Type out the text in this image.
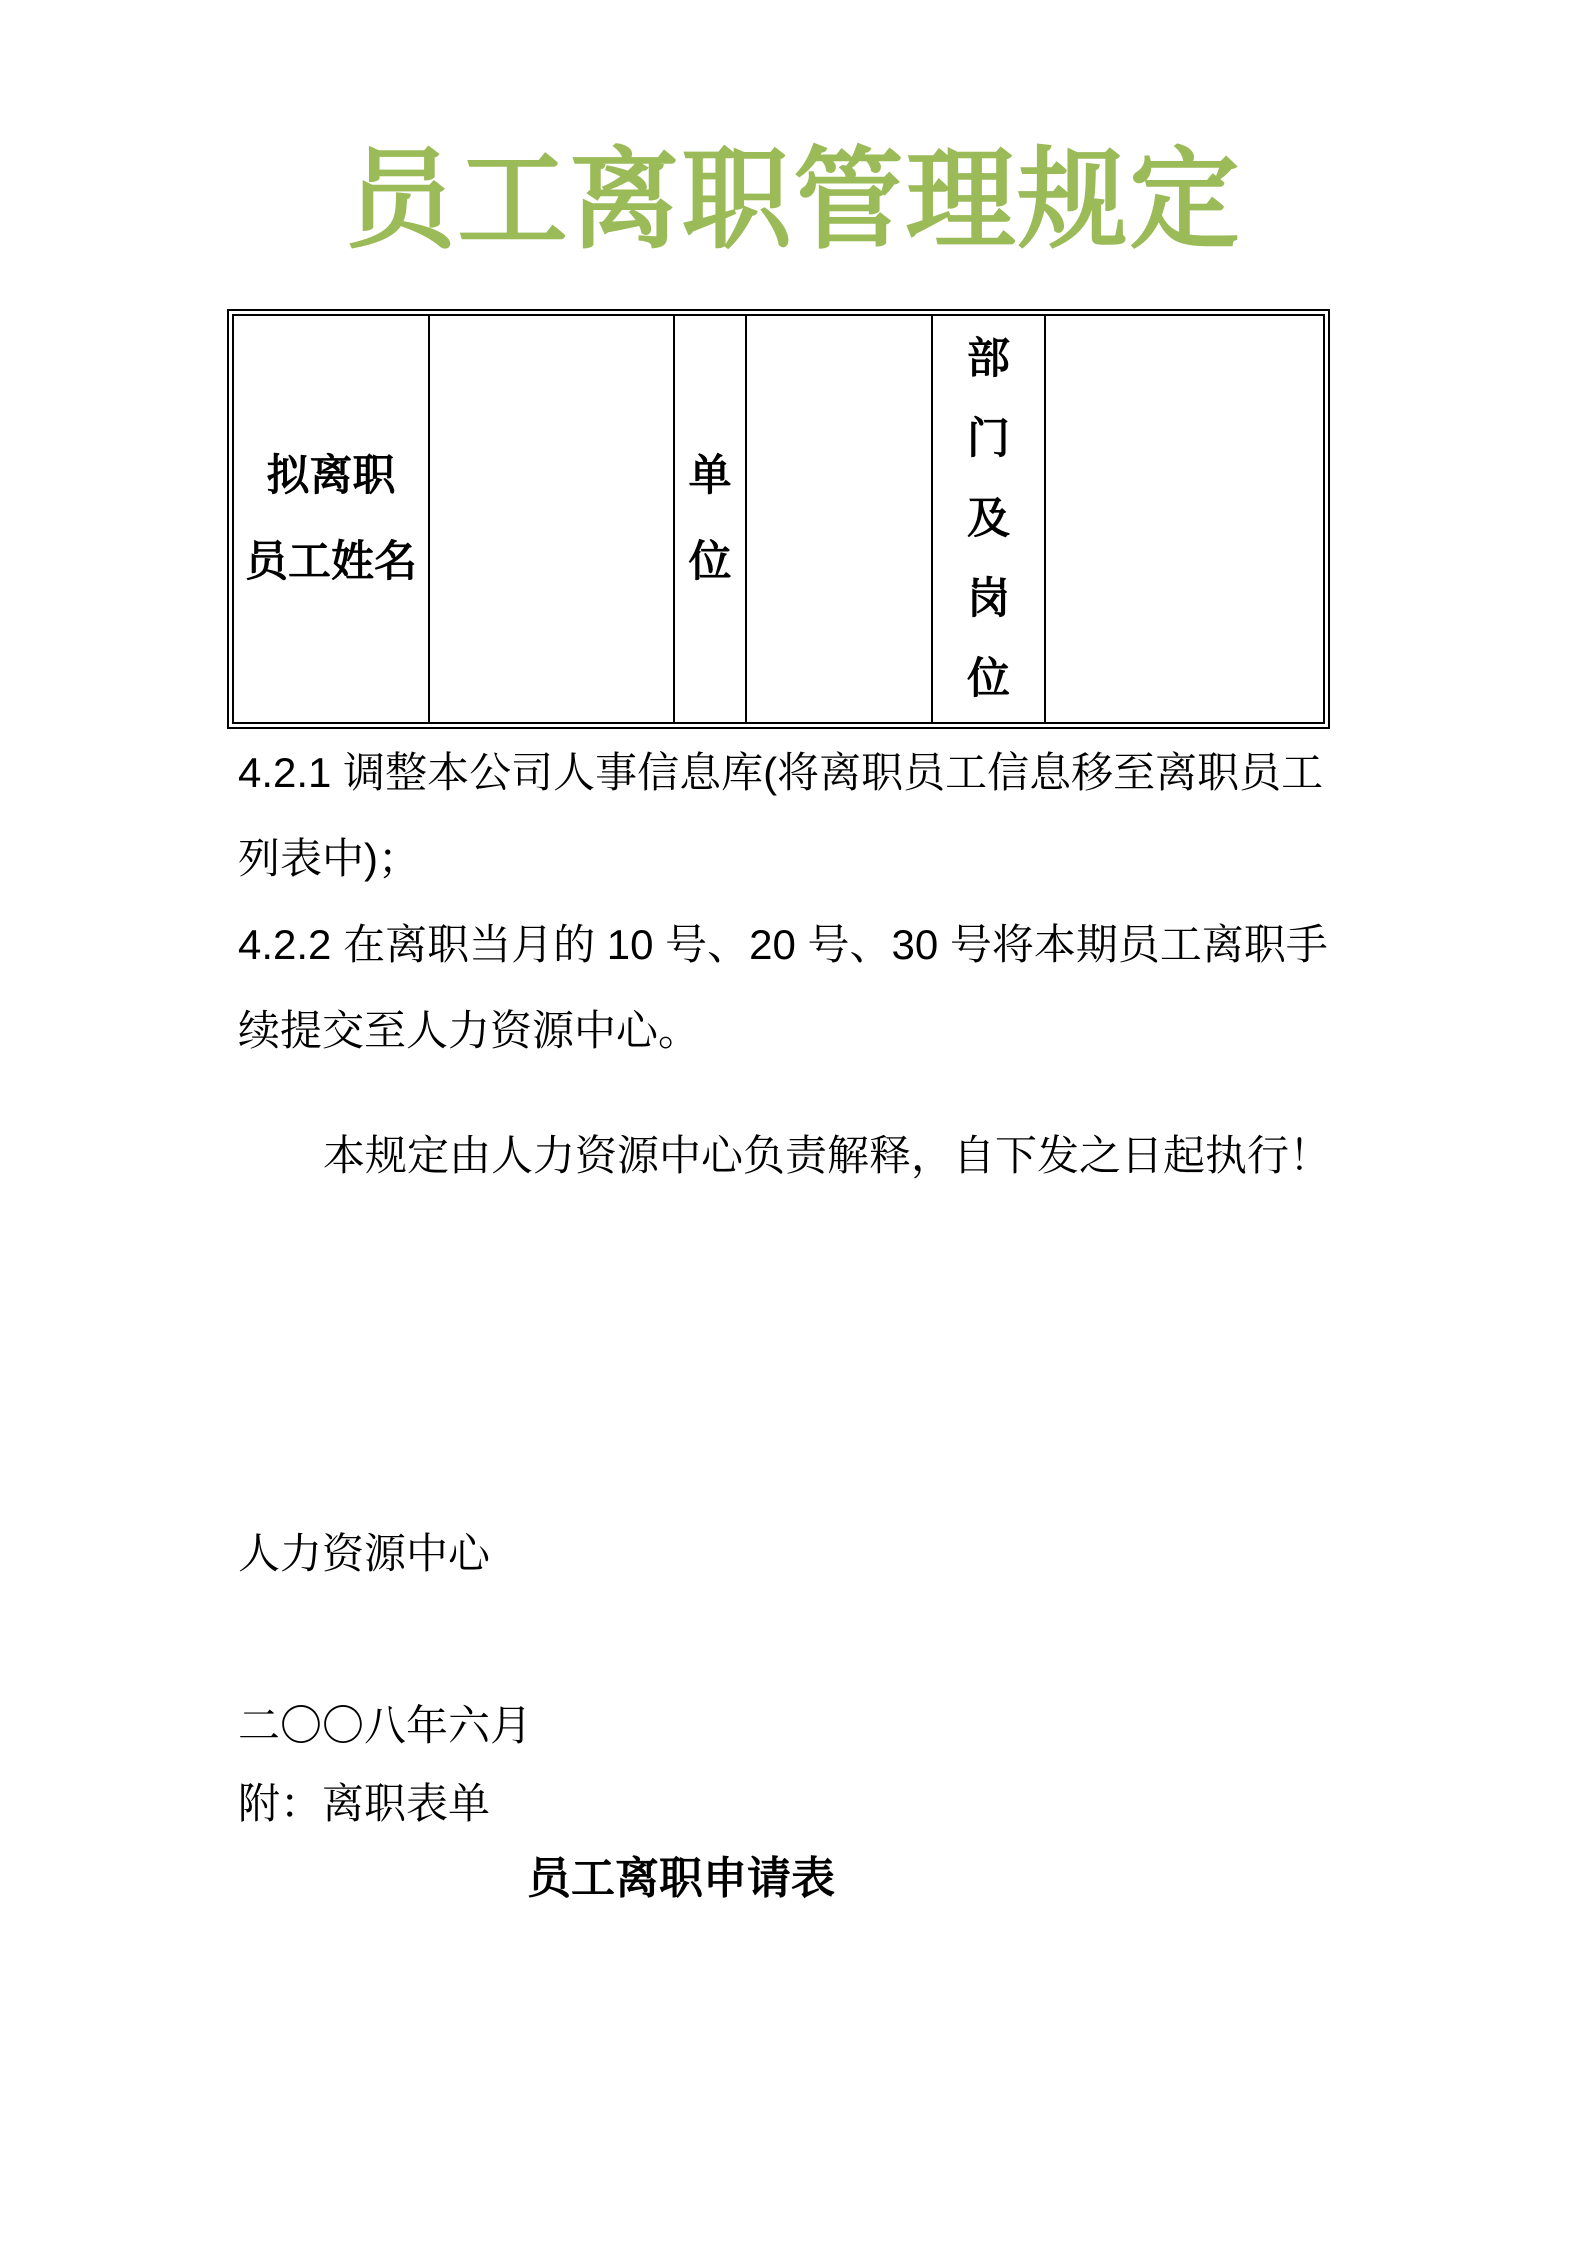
员工离职管理规定
拟离职
员工姓名
单
位
部
门
及
岗
位
4.2.1 调整本公司人事信息库(将离职员工信息移至离职员工
列表中)；
4.2.2 在离职当月的 10 号、20 号、30 号将本期员工离职手
续提交至人力资源中心。
本规定由人力资源中心负责解释，自下发之日起执行！
人力资源中心
二〇〇八年六月
附：离职表单
员工离职申请表
